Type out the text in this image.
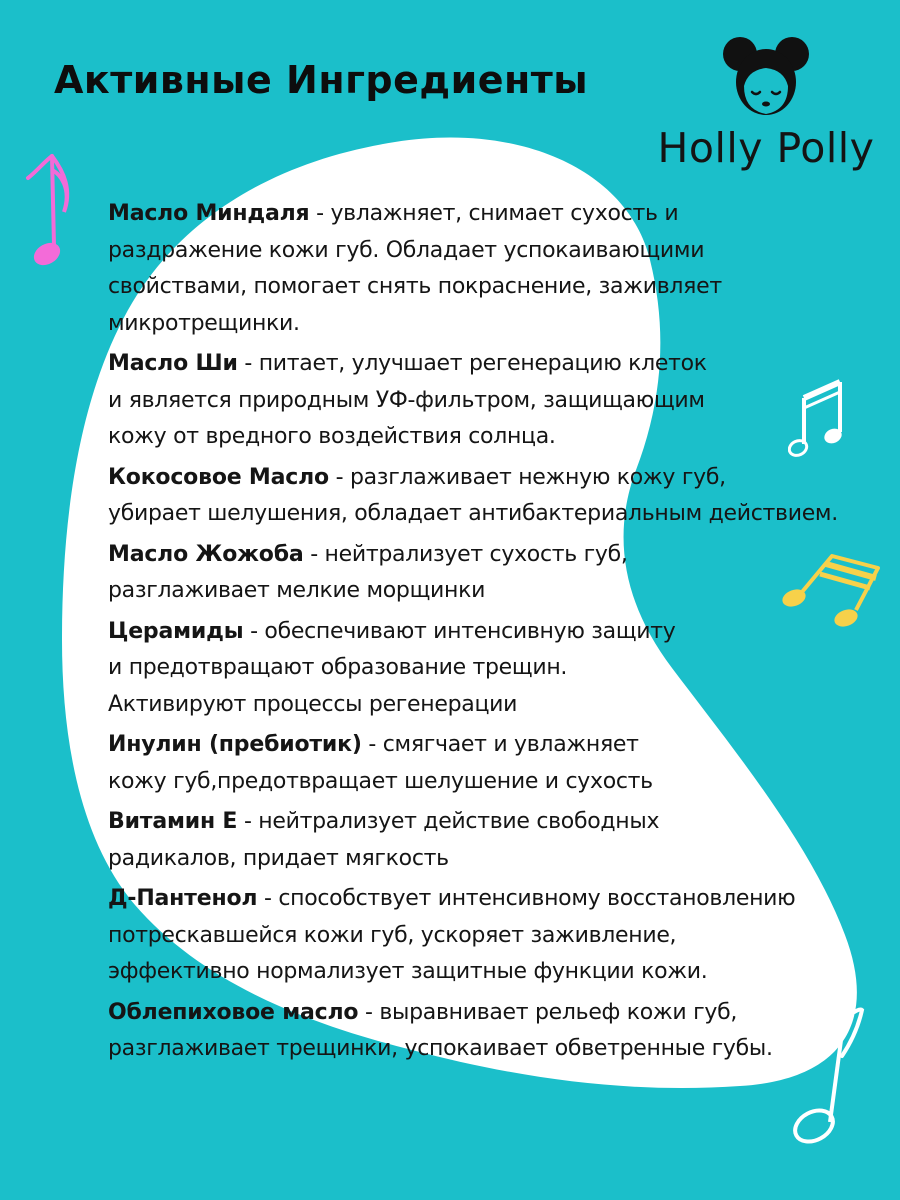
Активные Ингредиенты
Holly Polly
Масло Миндаля - увлажняет, снимает сухость и
раздражение кожи губ. Обладает успокаивающими
свойствами, помогает снять покраснение, заживляет
микротрещинки.
Масло Ши - питает, улучшает регенерацию клеток
и является природным УФ-фильтром, защищающим
кожу от вредного воздействия солнца.
Кокосовое Масло - разглаживает нежную кожу губ,
убирает шелушения, обладает антибактериальным действием.
Масло Жожоба - нейтрализует сухость губ,
разглаживает мелкие морщинки
Церамиды - обеспечивают интенсивную защиту
и предотвращают образование трещин.
Активируют процессы регенерации
Инулин (пребиотик) - смягчает и увлажняет
кожу губ,предотвращает шелушение и сухость
Витамин Е - нейтрализует действие свободных
радикалов, придает мягкость
Д-Пантенол - способствует интенсивному восстановлению
потрескавшейся кожи губ, ускоряет заживление,
эффективно нормализует защитные функции кожи.
Облепиховое масло - выравнивает рельеф кожи губ,
разглаживает трещинки, успокаивает обветренные губы.
